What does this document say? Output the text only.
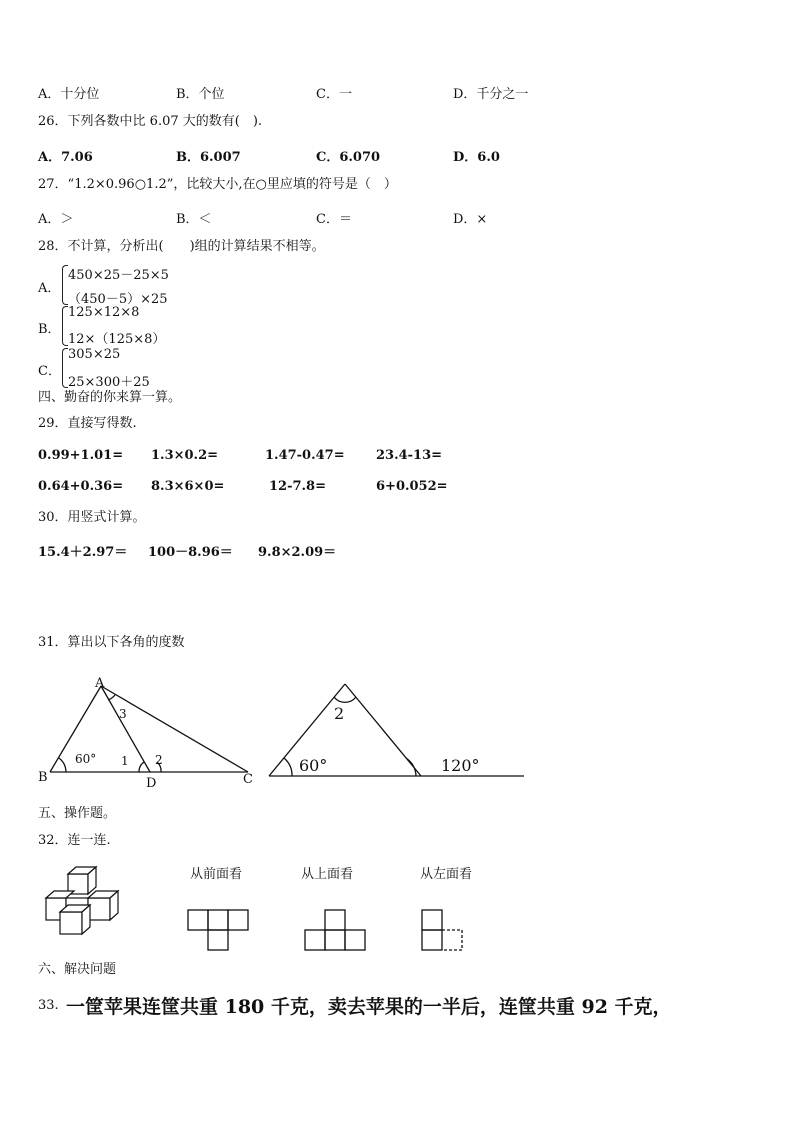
A．十分位	B．个位	C．一	D．千分之一
26．下列各数中比 6.07 大的数有(　).
A．7.06	B．6.007	C．6.070	D．6.0
27．“1.2×0.96○1.2”，比较大小,在○里应填的符号是（　）
A．＞	B．＜	C．＝	D．×
28．不计算，分析出(　　)组的计算结果不相等。
A．
450×25－25×5
（450－5）×25
B．
125×12×8
12×（125×8）
C．
305×25
25×300＋25
四、勤奋的你来算一算。
29．直接写得数.
0.99+1.01= 1.3×0.2=	1.47-0.47= 23.4-13=
0.64+0.36= 8.3×6×0=	12-7.8=	6+0.052=
30．用竖式计算。
15.4＋2.97＝ 100－8.96＝ 9.8×2.09＝
31．算出以下各角的度数
A
B	C
D
60° 1 2
3
60°
2
120°
五、操作题。
32．连一连.
从前面看	从上面看	从左面看
六、解决问题
33. 一筐苹果连筐共重 180 千克，卖去苹果的一半后，连筐共重 92 千克，
